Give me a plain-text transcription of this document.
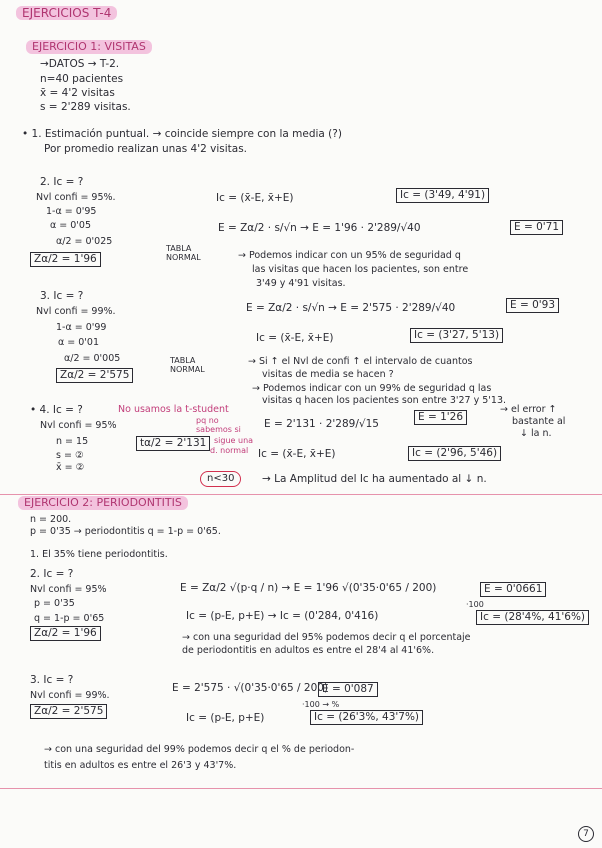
EJERCICIOS T-4
EJERCICIO 1: VISITAS
→DATOS → T-2.
n=40 pacientes
x̄ = 4'2 visitas
s = 2'289 visitas.
• 1. Estimación puntual. → coincide siempre con la media (?)
Por promedio realizan unas 4'2 visitas.
2. Ic = ?
Nvl confi = 95%.
1-α = 0'95
α = 0'05
α/2 = 0'025
Zα/2 = 1'96
TABLA NORMAL
Ic = (x̄-E, x̄+E)	Ic = (3'49, 4'91)
E = Zα/2 · s/√n → E = 1'96 · 2'289/√40	E = 0'71
→ Podemos indicar con un 95% de seguridad q
las visitas que hacen los pacientes, son entre
3'49 y 4'91 visitas.
3. Ic = ?
Nvl confi = 99%.
1-α = 0'99
α = 0'01
α/2 = 0'005
Zα/2 = 2'575
TABLA NORMAL
E = Zα/2 · s/√n → E = 2'575 · 2'289/√40	E = 0'93
Ic = (x̄-E, x̄+E)	Ic = (3'27, 5'13)
→ Si ↑ el Nvl de confi ↑ el intervalo de cuantos
visitas de media se hacen ?
→ Podemos indicar con un 99% de seguridad q las
visitas q hacen los pacientes son entre 3'27 y 5'13.
• 4. Ic = ?	No usamos la t-student
Nvl confi = 95%
n = 15
s = ②
x̄ = ②
tα/2 = 2'131
pq no
sabemos si
sigue una
d. normal
E = 2'131 · 2'289/√15
E = 1'26
→ el error ↑
bastante al
↓ la n.
Ic = (x̄-E, x̄+E)	Ic = (2'96, 5'46)
n<30	→ La Amplitud del Ic ha aumentado al ↓ n.
EJERCICIO 2: PERIODONTITIS
n = 200.
p = 0'35 → periodontitis q = 1-p = 0'65.
1. El 35% tiene periodontitis.
2. Ic = ?
Nvl confi = 95%
p = 0'35
q = 1-p = 0'65
Zα/2 = 1'96
E = Zα/2 √(p·q / n) → E = 1'96 √(0'35·0'65 / 200)	E = 0'0661
·100
Ic = (p-E, p+E) → Ic = (0'284, 0'416)	Ic = (28'4%, 41'6%)
→ con una seguridad del 95% podemos decir q el porcentaje
de periodontitis en adultos es entre el 28'4 al 41'6%.
3. Ic = ?
Nvl confi = 99%.
Zα/2 = 2'575
E = 2'575 · √(0'35·0'65 / 200)
E = 0'087
·100 → %
Ic = (p-E, p+E)	Ic = (26'3%, 43'7%)
→ con una seguridad del 99% podemos decir q el % de periodon-
titis en adultos es entre el 26'3 y 43'7%.
7
